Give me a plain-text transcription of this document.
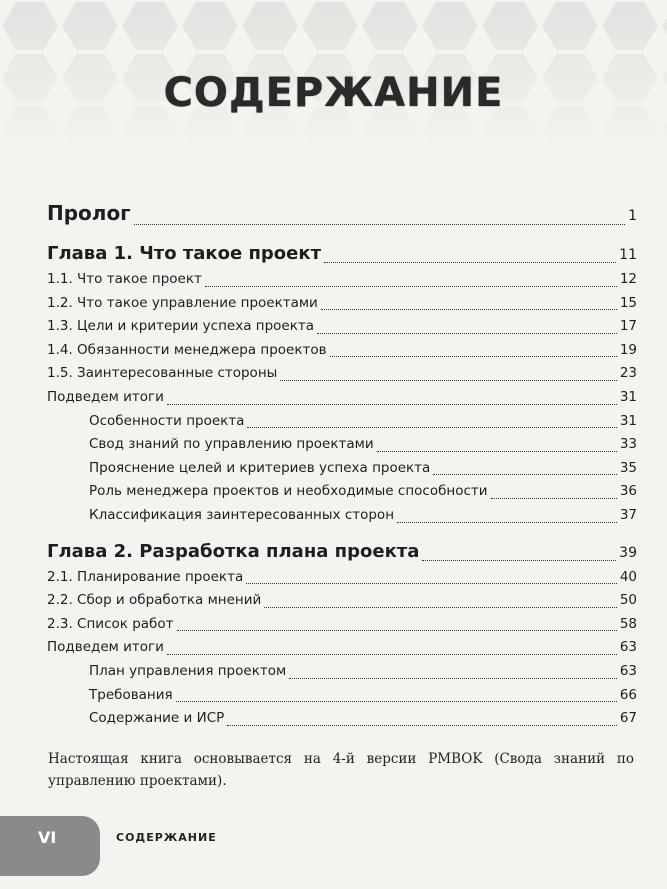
СОДЕРЖАНИЕ
Пролог	1
Глава 1. Что такое проект	11
1.1. Что такое проект	12
1.2. Что такое управление проектами	15
1.3. Цели и критерии успеха проекта	17
1.4. Обязанности менеджера проектов	19
1.5. Заинтересованные стороны	23
Подведем итоги	31
Особенности проекта	31
Свод знаний по управлению проектами	33
Прояснение целей и критериев успеха проекта	35
Роль менеджера проектов и необходимые способности	36
Классификация заинтересованных сторон	37
Глава 2. Разработка плана проекта	39
2.1. Планирование проекта	40
2.2. Сбор и обработка мнений	50
2.3. Список работ	58
Подведем итоги	63
План управления проектом	63
Требования	66
Содержание и ИСР	67
Настоящая книга основывается на 4-й версии PMBOK (Свода знаний по управлению проектами).
VI	СОДЕРЖАНИЕ
